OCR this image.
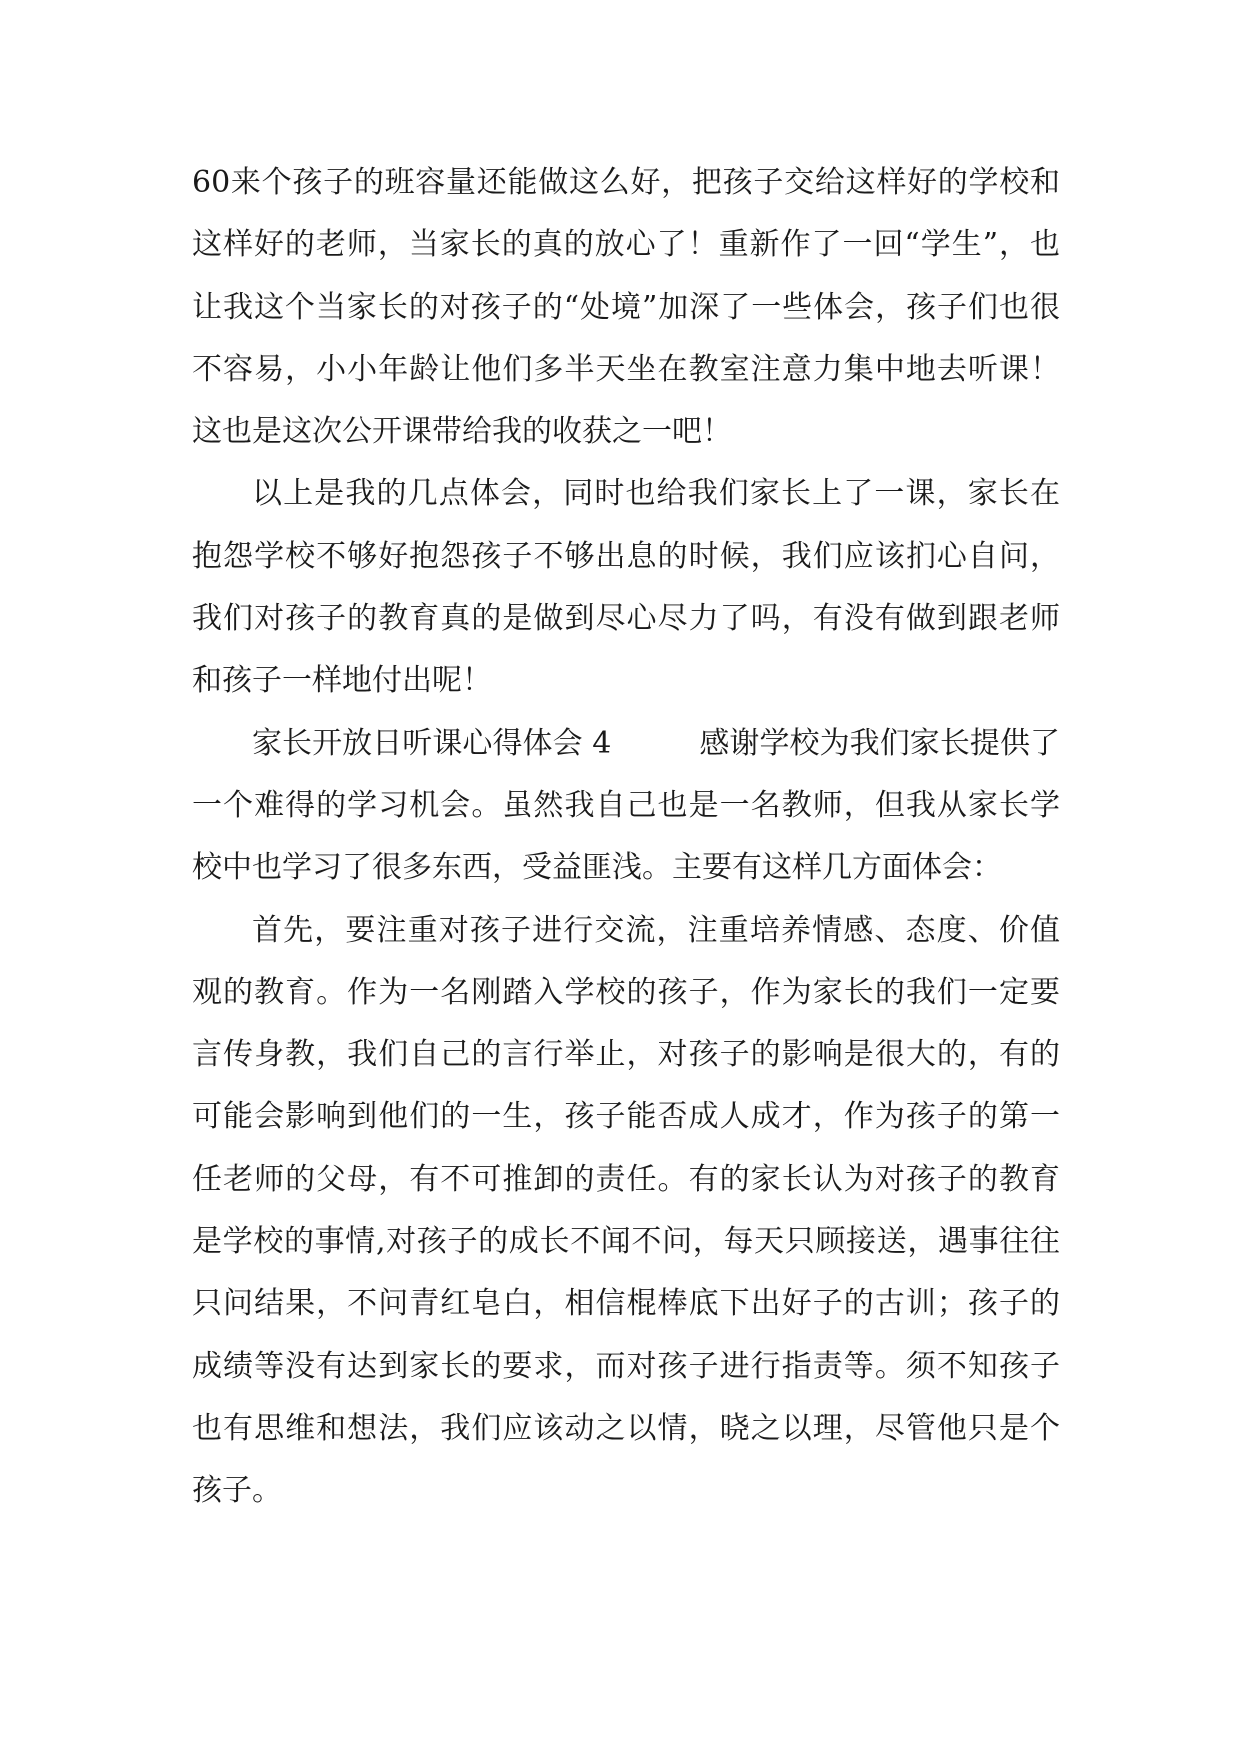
60来个孩子的班容量还能做这么好，把孩子交给这样好的学校和这样好的老师，当家长的真的放心了！重新作了一回“学生”，也让我这个当家长的对孩子的“处境”加深了一些体会，孩子们也很不容易，小小年龄让他们多半天坐在教室注意力集中地去听课！这也是这次公开课带给我的收获之一吧！

以上是我的几点体会，同时也给我们家长上了一课，家长在抱怨学校不够好抱怨孩子不够出息的时候，我们应该扪心自问，我们对孩子的教育真的是做到尽心尽力了吗，有没有做到跟老师和孩子一样地付出呢！

家长开放日听课心得体会 4	感谢学校为我们家长提供了一个难得的学习机会。虽然我自己也是一名教师，但我从家长学校中也学习了很多东西，受益匪浅。主要有这样几方面体会：

首先，要注重对孩子进行交流，注重培养情感、态度、价值观的教育。作为一名刚踏入学校的孩子，作为家长的我们一定要言传身教，我们自己的言行举止，对孩子的影响是很大的，有的可能会影响到他们的一生，孩子能否成人成才，作为孩子的第一任老师的父母，有不可推卸的责任。有的家长认为对孩子的教育是学校的事情,对孩子的成长不闻不问，每天只顾接送，遇事往往只问结果，不问青红皂白，相信棍棒底下出好子的古训；孩子的成绩等没有达到家长的要求，而对孩子进行指责等。须不知孩子也有思维和想法，我们应该动之以情，晓之以理，尽管他只是个孩子。
